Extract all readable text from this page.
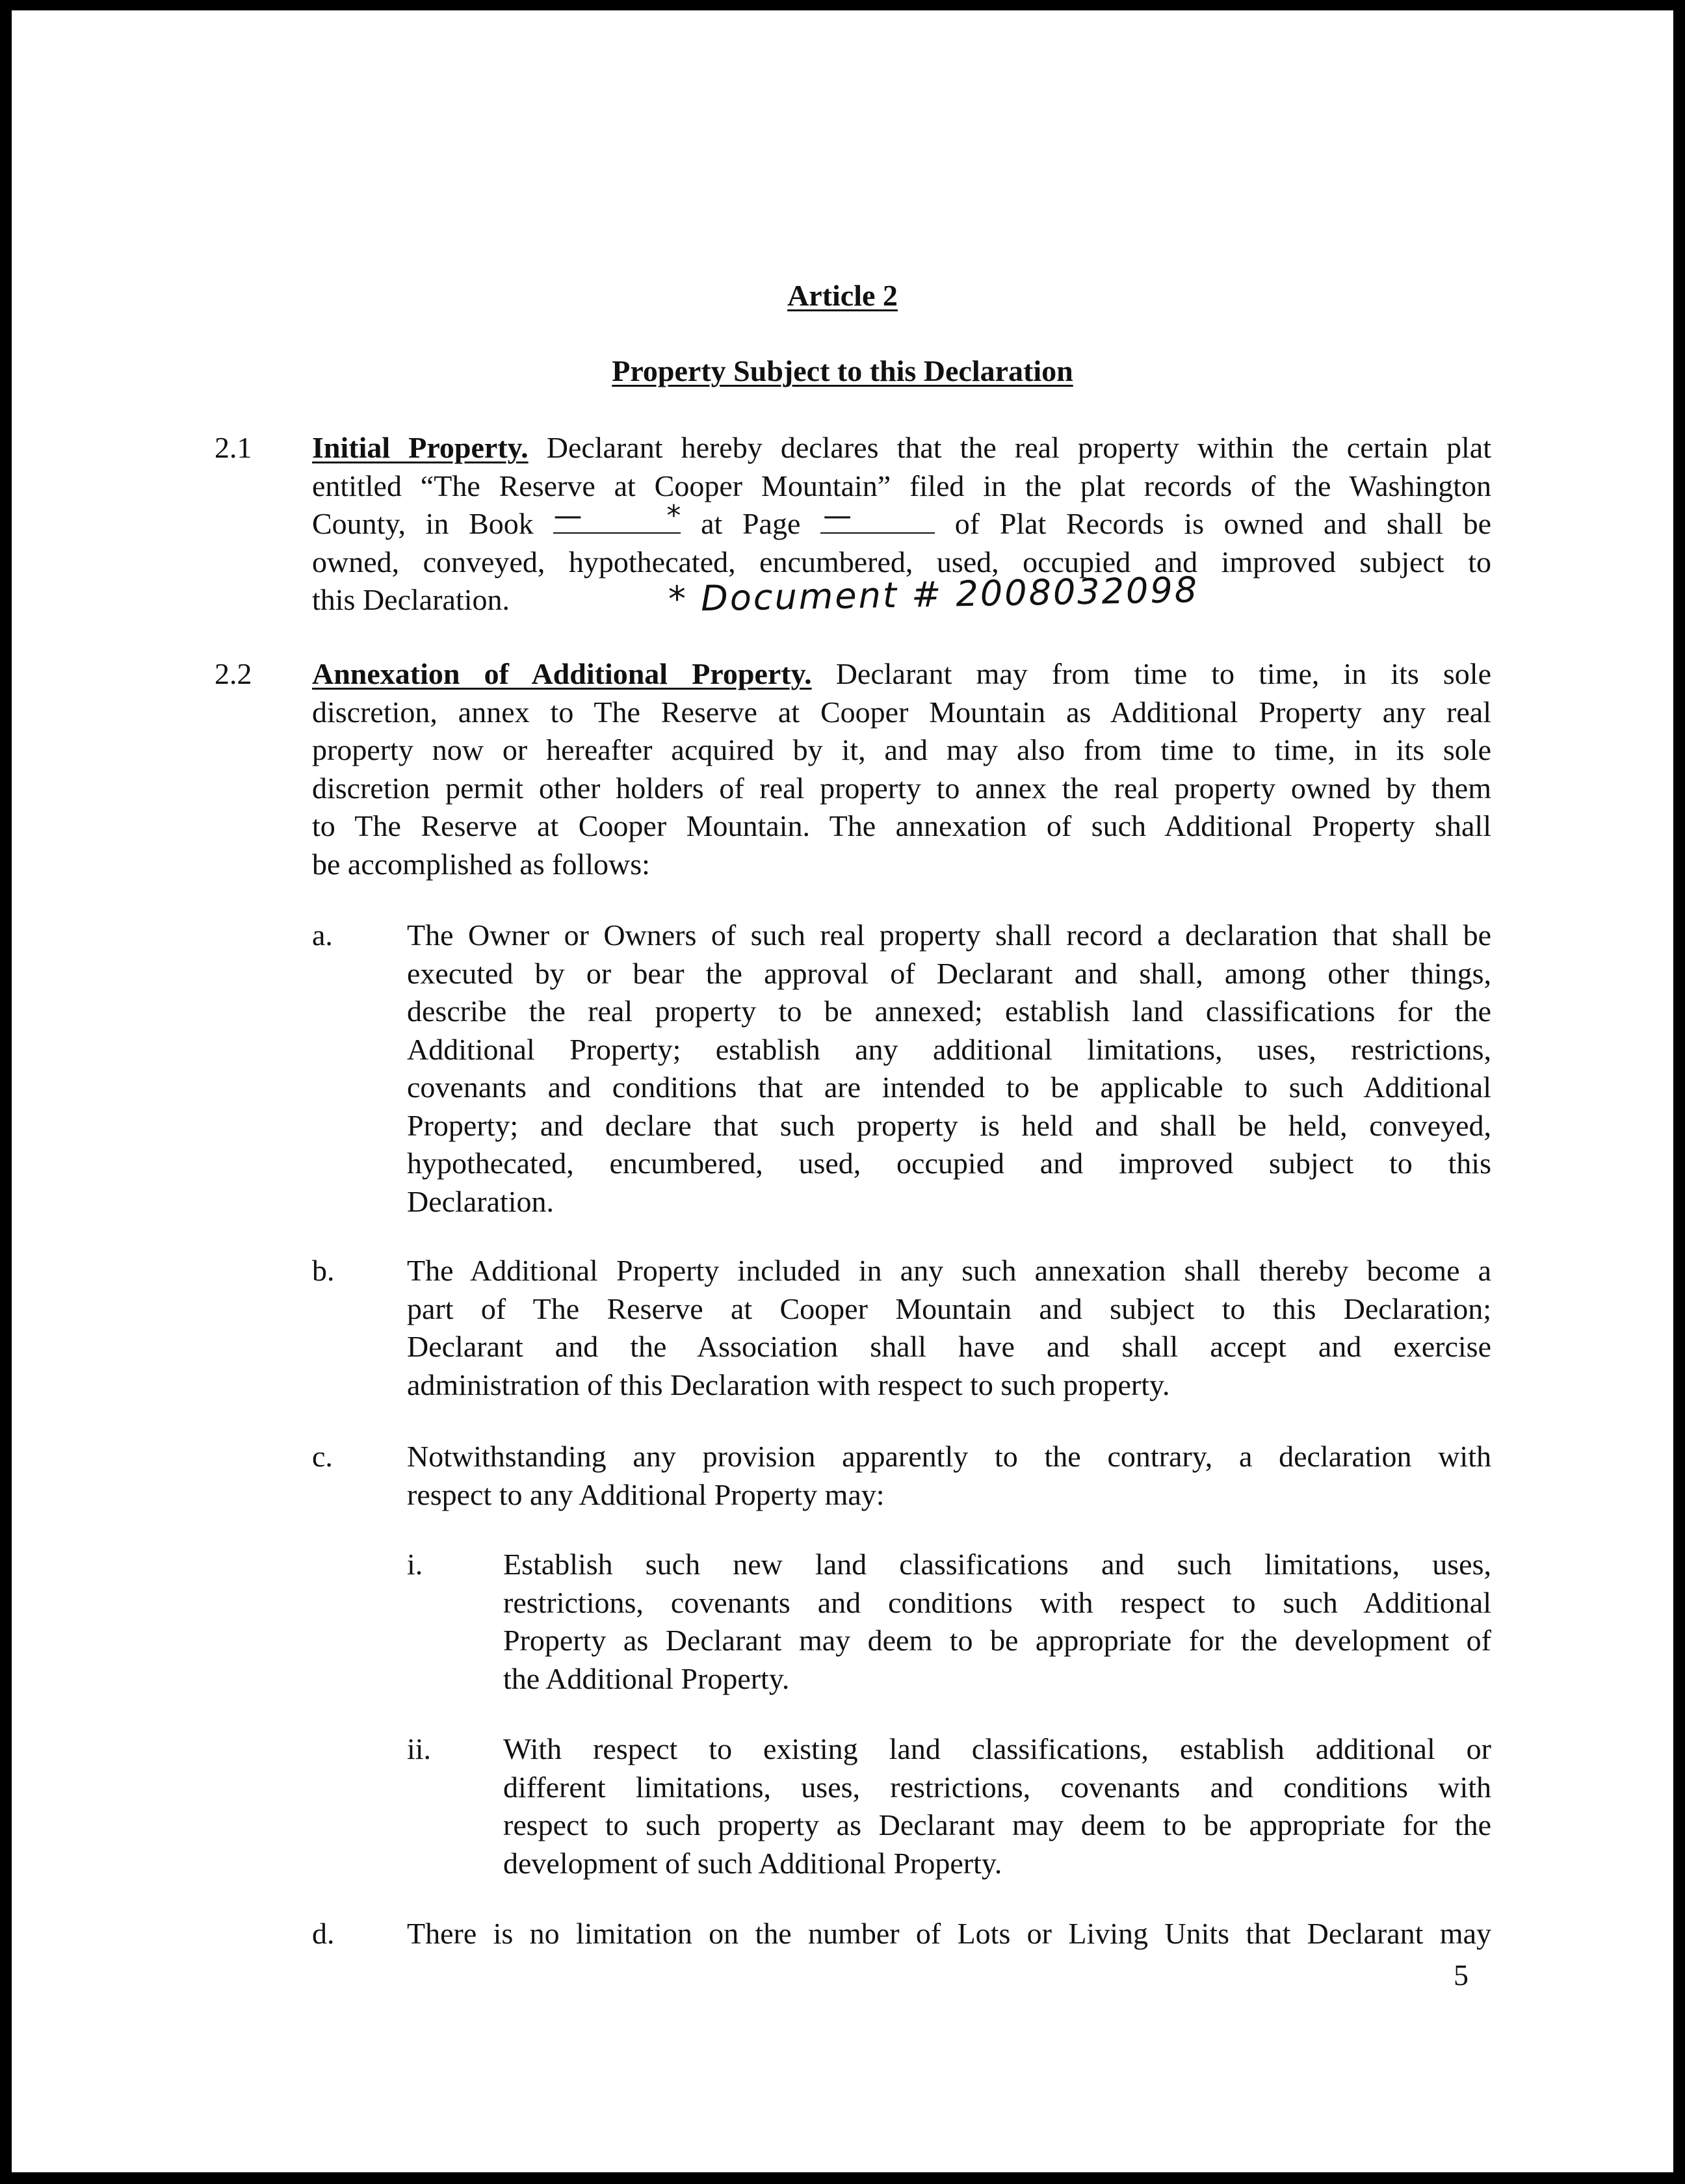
Article 2
Property Subject to this Declaration
2.1 Initial Property. Declarant hereby declares that the real property within the certain plat
entitled “The Reserve at Cooper Mountain” filed in the plat records of the Washington
County, in Book — * at Page —	of Plat Records is owned and shall be
owned, conveyed, hypothecated, encumbered, used, occupied and improved subject to
this Declaration.	* Document # 2008032098
2.2 Annexation of Additional Property. Declarant may from time to time, in its sole
discretion, annex to The Reserve at Cooper Mountain as Additional Property any real
property now or hereafter acquired by it, and may also from time to time, in its sole
discretion permit other holders of real property to annex the real property owned by them
to The Reserve at Cooper Mountain. The annexation of such Additional Property shall
be accomplished as follows:
a. The Owner or Owners of such real property shall record a declaration that shall be
executed by or bear the approval of Declarant and shall, among other things,
describe the real property to be annexed; establish land classifications for the
Additional Property; establish any additional limitations, uses, restrictions,
covenants and conditions that are intended to be applicable to such Additional
Property; and declare that such property is held and shall be held, conveyed,
hypothecated, encumbered, used, occupied and improved subject to this
Declaration.
b. The Additional Property included in any such annexation shall thereby become a
part of The Reserve at Cooper Mountain and subject to this Declaration;
Declarant and the Association shall have and shall accept and exercise
administration of this Declaration with respect to such property.
c. Notwithstanding any provision apparently to the contrary, a declaration with
respect to any Additional Property may:
i.	Establish such new land classifications and such limitations, uses,
restrictions, covenants and conditions with respect to such Additional
Property as Declarant may deem to be appropriate for the development of
the Additional Property.
ii. With respect to existing land classifications, establish additional or
different limitations, uses, restrictions, covenants and conditions with
respect to such property as Declarant may deem to be appropriate for the
development of such Additional Property.
d. There is no limitation on the number of Lots or Living Units that Declarant may
5
